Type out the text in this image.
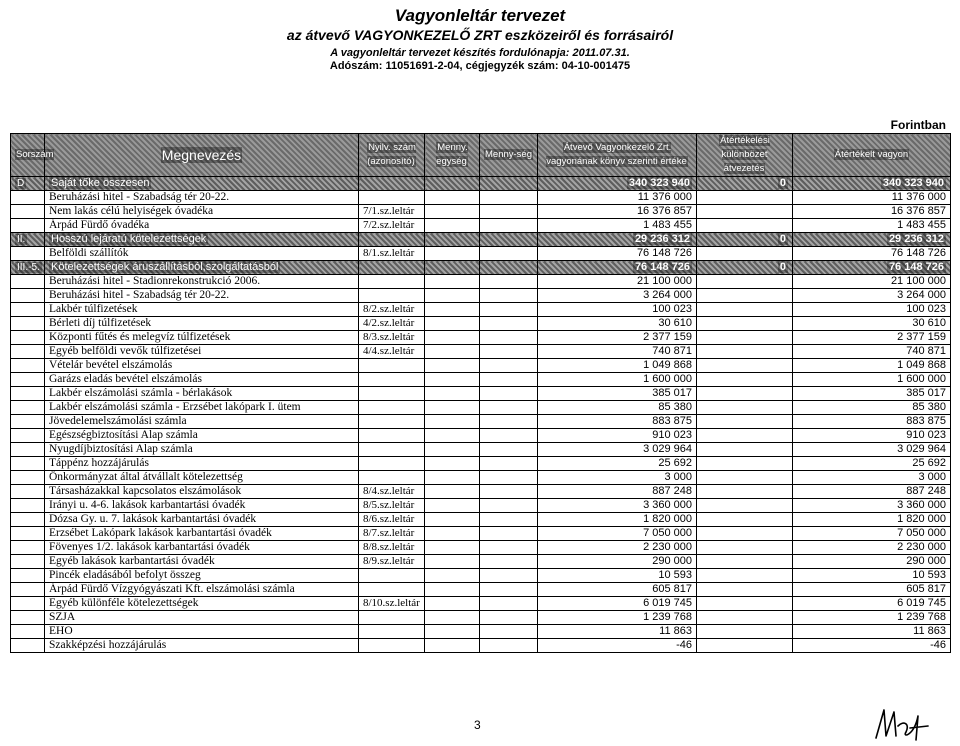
Vagyonleltár tervezet
az átvevő VAGYONKEZELŐ ZRT eszközeiről és forrásairól
A vagyonleltár tervezet készítés fordulónapja: 2011.07.31.
Adószám: 11051691-2-04, cégjegyzék szám: 04-10-001475
Forintban
Sorszám	Megnevezés	Nyilv. szám (azonosító)	Menny. egység	Menny-ség	Átvevő Vagyonkezelő Zrt. vagyonának könyv szerinti értéke	Átértékelési különbözet átvezetés	Átértékelt vagyon
D	Saját tőke összesen				340 323 940	0	340 323 940
	Beruházási hitel - Szabadság tér 20-22.				11 376 000		11 376 000
	Nem lakás célú helyiségek óvadéka	7/1.sz.leltár			16 376 857		16 376 857
	Árpád Fürdő óvadéka	7/2.sz.leltár			1 483 455		1 483 455
II.	Hosszú lejáratú kötelezettségek				29 236 312	0	29 236 312
	Belföldi szállítók	8/1.sz.leltár			76 148 726		76 148 726
III.-5.	Kötelezettségek áruszállításból,szolgáltatásból				76 148 726	0	76 148 726
	Beruházási hitel - Stadionrekonstrukció 2006.				21 100 000		21 100 000
	Beruházási hitel - Szabadság tér 20-22.				3 264 000		3 264 000
	Lakbér túlfizetések	8/2.sz.leltár			100 023		100 023
	Bérleti díj túlfizetések	4/2.sz.leltár			30 610		30 610
	Központi fűtés és melegvíz túlfizetések	8/3.sz.leltár			2 377 159		2 377 159
	Egyéb belföldi vevők túlfizetései	4/4.sz.leltár			740 871		740 871
	Vételár bevétel elszámolás				1 049 868		1 049 868
	Garázs eladás bevétel elszámolás				1 600 000		1 600 000
	Lakbér elszámolási számla - bérlakások				385 017		385 017
	Lakbér elszámolási számla - Erzsébet lakópark I. ütem				85 380		85 380
	Jövedelemelszámolási számla				883 875		883 875
	Egészségbiztosítási Alap számla				910 023		910 023
	Nyugdíjbiztosítási Alap számla				3 029 964		3 029 964
	Táppénz hozzájárulás				25 692		25 692
	Önkormányzat által átvállalt kötelezettség				3 000		3 000
	Társasházakkal kapcsolatos elszámolások	8/4.sz.leltár			887 248		887 248
	Irányi u. 4-6. lakások karbantartási óvadék	8/5.sz.leltár			3 360 000		3 360 000
	Dózsa Gy. u. 7. lakások karbantartási óvadék	8/6.sz.leltár			1 820 000		1 820 000
	Erzsébet Lakópark lakások karbantartási óvadék	8/7.sz.leltár			7 050 000		7 050 000
	Fövenyes 1/2. lakások karbantartási óvadék	8/8.sz.leltár			2 230 000		2 230 000
	Egyéb lakások karbantartási óvadék	8/9.sz.leltár			290 000		290 000
	Pincék eladásából befolyt összeg				10 593		10 593
	Árpád Fürdő Vízgyógyászati Kft. elszámolási számla				605 817		605 817
	Egyéb különféle kötelezettségek	8/10.sz.leltár			6 019 745		6 019 745
	SZJA				1 239 768		1 239 768
	EHO				11 863		11 863
	Szakképzési hozzájárulás				-46		-46
3
